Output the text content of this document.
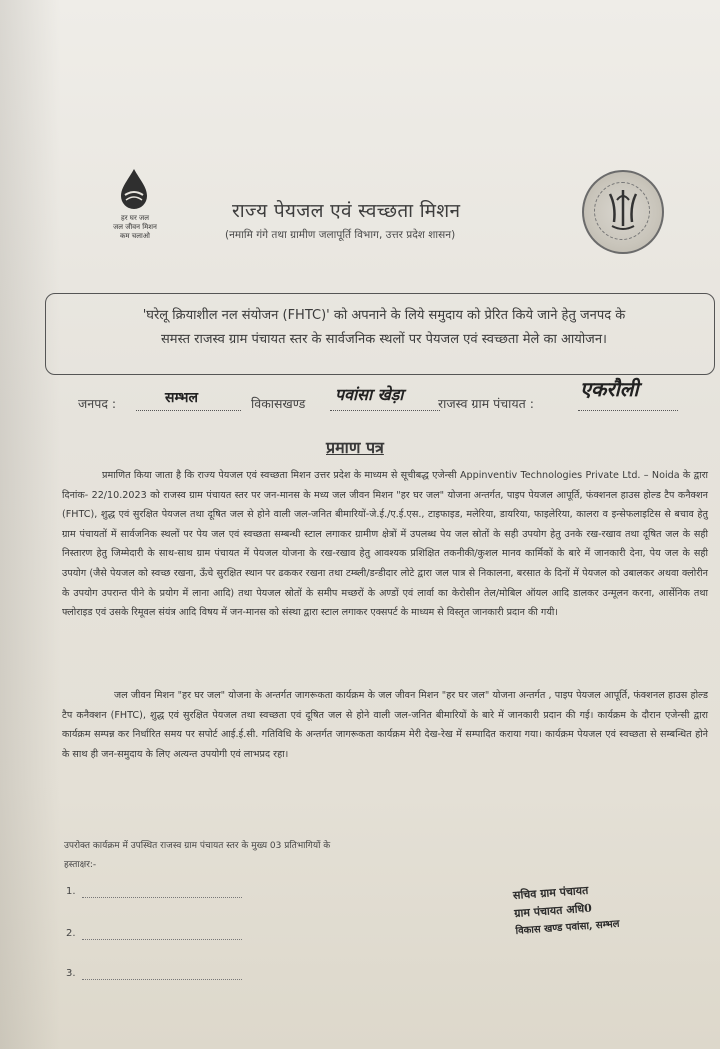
हर घर जल
जल जीवन मिशन
कम चलाओ
राज्य पेयजल एवं स्वच्छता मिशन
(नमामि गंगे तथा ग्रामीण जलापूर्ति विभाग, उत्तर प्रदेश शासन)
'घरेलू क्रियाशील नल संयोजन (FHTC)' को अपनाने के लिये समुदाय को प्रेरित किये जाने हेतु जनपद के
समस्त राजस्व ग्राम पंचायत स्तर के सार्वजनिक स्थलों पर पेयजल एवं स्वच्छता मेले का आयोजन।
जनपद :	सम्भल	विकासखण्ड पवांसा खेड़ा	राजस्व ग्राम पंचायत :
एकरौली
प्रमाण पत्र

प्रमाणित किया जाता है कि राज्य पेयजल एवं स्वच्छता मिशन उत्तर प्रदेश के माध्यम से सूचीबद्ध एजेन्सी Appinventiv Technologies Private Ltd. – Noida के द्वारा दिनांक- 22/10.2023 को राजस्व ग्राम पंचायत स्तर पर जन-मानस के मध्य जल जीवन मिशन "हर घर जल" योजना अन्तर्गत, पाइप पेयजल आपूर्ति, फंक्शनल हाउस होल्ड टैप कनैक्शन (FHTC), शुद्ध एवं सुरक्षित पेयजल तथा दूषित जल से होने वाली जल-जनित बीमारियों-जे.ई./ए.ई.एस., टाइफाइड, मलेरिया, डायरिया, फाइलेरिया, कालरा व इन्सेफलाइटिस से बचाव हेतु ग्राम पंचायतों में सार्वजनिक स्थलों पर पेय जल एवं स्वच्छता सम्बन्धी स्टाल लगाकर ग्रामीण क्षेत्रों में उपलब्ध पेय जल स्रोतों के सही उपयोग हेतु उनके रख-रखाव तथा दूषित जल के सही निस्तारण हेतु जिम्मेदारी के साथ-साथ ग्राम पंचायत में पेयजल योजना के रख-रखाव हेतु आवश्यक प्रशिक्षित तकनीकी/कुशल मानव कार्मिकों के बारे में जानकारी देना, पेय जल के सही उपयोग (जैसे पेयजल को स्वच्छ रखना, ऊँचे सुरक्षित स्थान पर ढककर रखना तथा टम्ब्ली/डन्डीदार लोटे द्वारा जल पात्र से निकालना, बरसात के दिनों में पेयजल को उबालकर अथवा क्लोरीन के उपयोग उपरान्त पीने के प्रयोग में लाना आदि) तथा पेयजल स्रोतों के समीप मच्छरों के अण्डों एवं लार्वा का केरोसीन तेल/मोबिल ऑयल आदि डालकर उन्मूलन करना, आर्सेनिक तथा फ्लोराइड एवं उसके रिमूवल संयंत्र आदि विषय में जन-मानस को संस्था द्वारा स्टाल लगाकर एक्सपर्ट के माध्यम से विस्तृत जानकारी प्रदान की गयी।

जल जीवन मिशन "हर घर जल" योजना के अन्तर्गत जागरूकता कार्यक्रम के जल जीवन मिशन "हर घर जल" योजना अन्तर्गत , पाइप पेयजल आपूर्ति, फंक्शनल हाउस होल्ड टैप कनैक्शन (FHTC), शुद्ध एवं सुरक्षित पेयजल तथा स्वच्छता एवं दूषित जल से होने वाली जल-जनित बीमारियों के बारे में जानकारी प्रदान की गई। कार्यक्रम के दौरान एजेन्सी द्वारा कार्यक्रम सम्पन्न कर निर्धारित समय पर सपोर्ट आई.ई.सी. गतिविधि के अन्तर्गत जागरूकता कार्यक्रम मेरी देख-रेख में सम्पादित कराया गया। कार्यक्रम पेयजल एवं स्वच्छता से सम्बन्धित होने के साथ ही जन-समुदाय के लिए अत्यन्त उपयोगी एवं लाभप्रद रहा।

उपरोक्त कार्यक्रम में उपस्थित राजस्व ग्राम पंचायत स्तर के मुख्य 03 प्रतिभागियों के
हस्ताक्षर:-
1.
2.
3.
सचिव ग्राम पंचायत
ग्राम पंचायत अधि0
विकास खण्ड पवांसा, सम्भल
